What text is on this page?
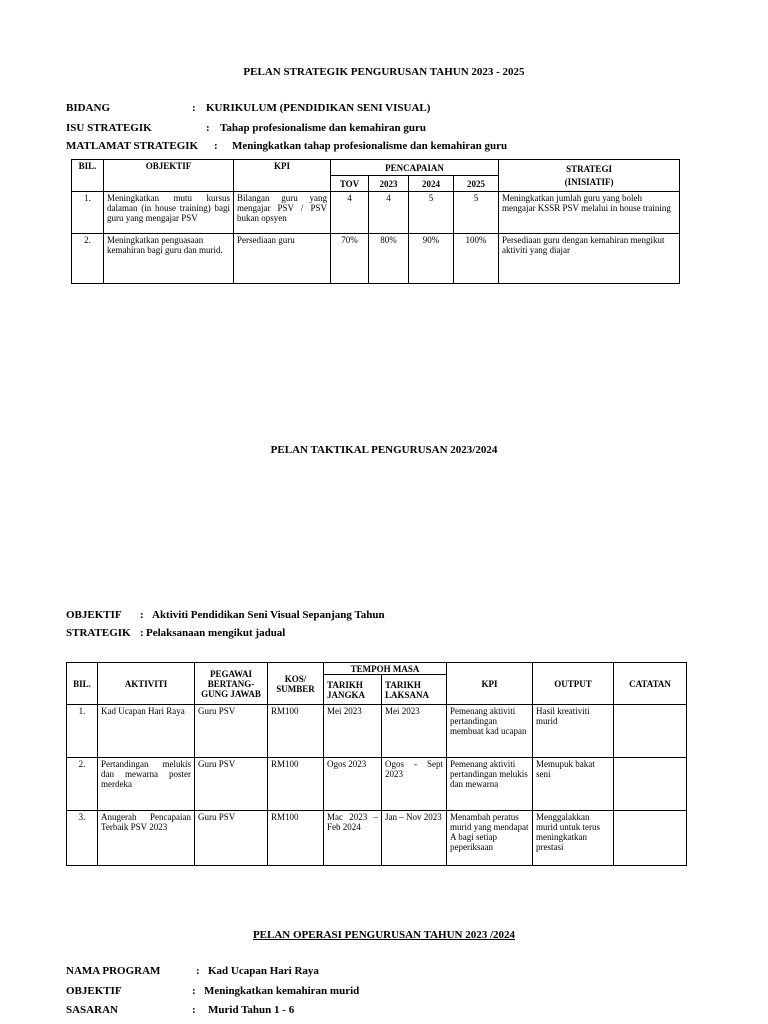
PELAN STRATEGIK PENGURUSAN TAHUN 2023 - 2025
BIDANG	: KURIKULUM (PENDIDIKAN SENI VISUAL)
ISU STRATEGIK	: Tahap profesionalisme dan kemahiran guru
MATLAMAT STRATEGIK : Meningkatkan tahap profesionalisme dan kemahiran guru
BIL.	OBJEKTIF	KPI	PENCAPAIAN				STRATEGI
(INISIATIF)

			TOV	2023	2024	2025	
1.	Meningkatkan mutu kursus dalaman (in house training) bagi guru yang mengajar PSV	Bilangan guru yang mengajar PSV / PSV bukan opsyen	4	4	5	5	Meningkatkan jumlah guru yang boleh mengajar KSSR PSV melalui in house training
2.	Meningkatkan penguasaan kemahiran bagi guru dan murid.	Persediaan guru	70%	80%	90%	100%	Persediaan guru dengan kemahiran mengikut aktiviti yang diajar
PELAN TAKTIKAL PENGURUSAN 2023/2024
OBJEKTIF : Aktiviti Pendidikan Seni Visual Sepanjang Tahun
STRATEGIK : Pelaksanaan mengikut jadual
BIL.	AKTIVITI	PEGAWAI BERTANG-GUNG JAWAB	KOS/ SUMBER	TEMPOH MASA		KPI	OUTPUT	CATATAN
				TARIKH JANGKA	TARIKH LAKSANA			
1.	Kad Ucapan Hari Raya	Guru PSV	RM100	Mei 2023	Mei 2023	Pemenang aktiviti pertandingan membuat kad ucapan	Hasil kreativiti murid	
2.	Pertandingan melukis dan mewarna poster merdeka	Guru PSV	RM100	Ogos 2023	Ogos - Sept 2023	Pemenang aktiviti pertandingan melukis dan mewarna	Memupuk bakat seni	
3.	Anugerah Pencapaian Terbaik PSV 2023	Guru PSV	RM100	Mac 2023 – Feb 2024	Jan – Nov 2023	Menambah peratus murid yang mendapat A bagi setiap peperiksaan	Menggalakkan murid untuk terus meningkatkan prestasi	
PELAN OPERASI PENGURUSAN TAHUN 2023 /2024
NAMA PROGRAM	: Kad Ucapan Hari Raya
OBJEKTIF	: Meningkatkan kemahiran murid
SASARAN	: Murid Tahun 1 - 6
